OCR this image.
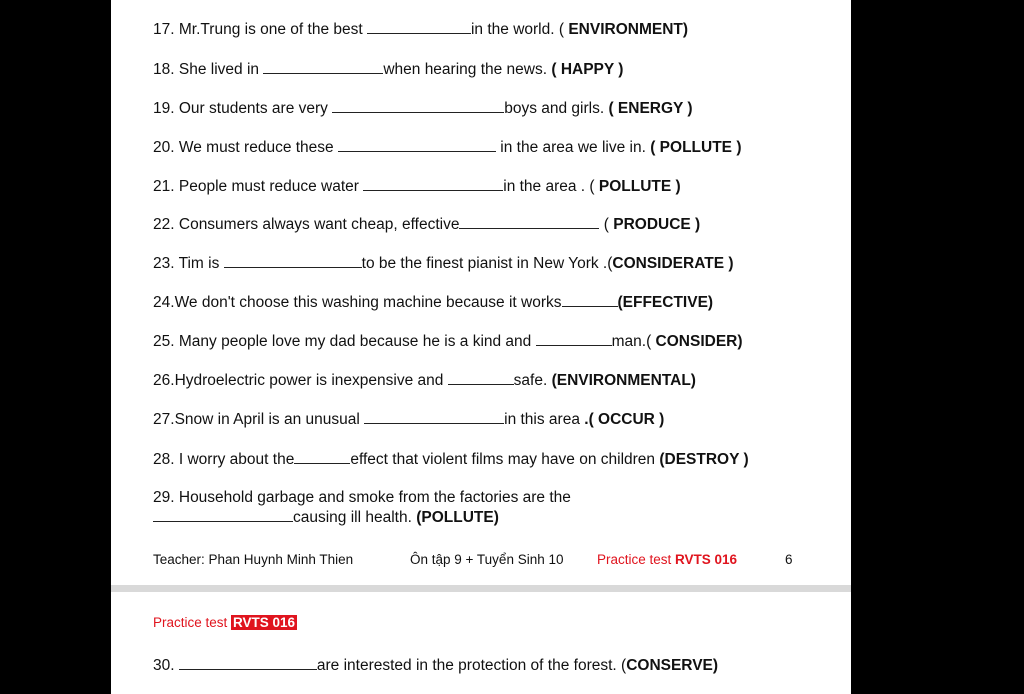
17. Mr.Trung is one of the best	in the world. ( ENVIRONMENT)
18. She lived in	when hearing the news. ( HAPPY )
19. Our students are very	boys and girls. ( ENERGY )
20. We must reduce these	in the area we live in. ( POLLUTE )
21. People must reduce water	in the area . ( POLLUTE )
22. Consumers always want cheap, effective	( PRODUCE )
23. Tim is	to be the finest pianist in New York .(CONSIDERATE )
24.We don't choose this washing machine because it works	(EFFECTIVE)
25. Many people love my dad because he is a kind and	man.( CONSIDER)
26.Hydroelectric power is inexpensive and	safe. (ENVIRONMENTAL)
27.Snow in April is an unusual	in this area .( OCCUR )
28. I worry about the	effect that violent films may have on children (DESTROY )
29. Household garbage and smoke from the factories are the
causing ill health. (POLLUTE)
Teacher: Phan Huynh Minh Thien	Ôn tập 9 + Tuyển Sinh 10 Practice test RVTS 016	6
Practice test RVTS 016
30.	are interested in the protection of the forest. (CONSERVE)
